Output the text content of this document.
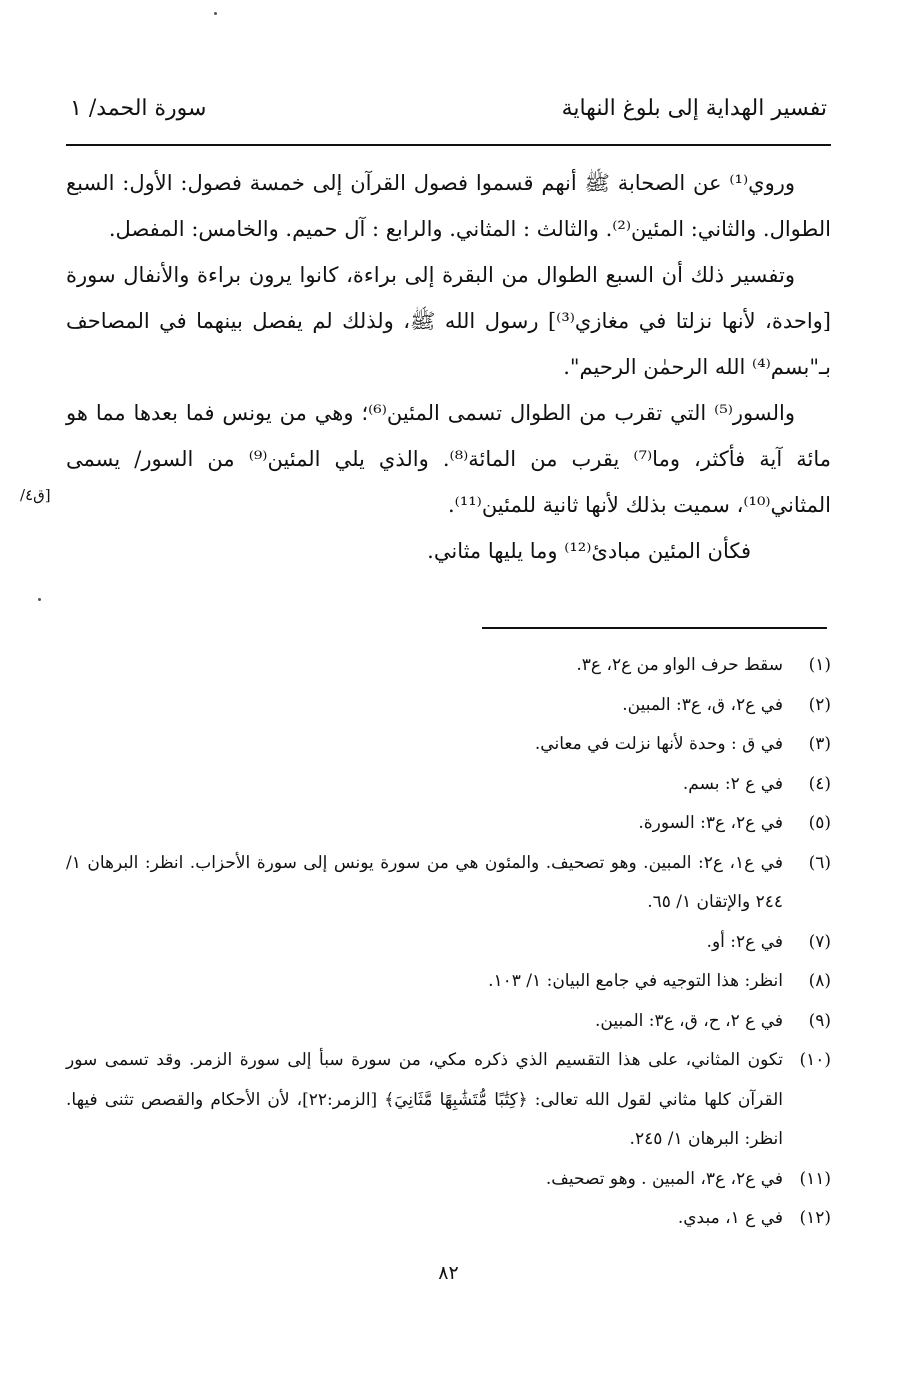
تفسير الهداية إلى بلوغ النهاية
سورة الحمد/ ١

وروي⁽¹⁾ عن الصحابة ﷺ أنهم قسموا فصول القرآن إلى خمسة فصول: الأول: السبع الطوال. والثاني: المئين⁽²⁾. والثالث : المثاني. والرابع : آل حميم. والخامس: المفصل.

وتفسير ذلك أن السبع الطوال من البقرة إلى براءة، كانوا يرون براءة والأنفال سورة [واحدة، لأنها نزلتا في مغازي⁽³⁾] رسول الله ﷺ، ولذلك لم يفصل بينهما في المصاحف بـ"بسم⁽⁴⁾ الله الرحمٰن الرحيم".

والسور⁽⁵⁾ التي تقرب من الطوال تسمى المئين⁽⁶⁾؛ وهي من يونس فما بعدها مما هو مائة آية فأكثر، وما⁽⁷⁾ يقرب من المائة⁽⁸⁾. والذي يلي المئين⁽⁹⁾ من السور/ يسمى المثاني⁽¹⁰⁾، سميت بذلك لأنها ثانية للمئين⁽¹¹⁾.

فكأن المئين مبادئ⁽¹²⁾ وما يليها مثاني.

[ق٤/
(١)
سقط حرف الواو من ع٢، ع٣.
(٢)
في ع٢، ق، ع٣: المبين.
(٣)
في ق : وحدة لأنها نزلت في معاني.
(٤)
في ع ٢: بسم.
(٥)
في ع٢، ع٣: السورة.
(٦)
في ع١، ع٢: المبين. وهو تصحيف. والمئون هي من سورة يونس إلى سورة الأحزاب. انظر: البرهان ١/ ٢٤٤ والإتقان ١/ ٦٥.
(٧)
في ع٢: أو.
(٨)
انظر: هذا التوجيه في جامع البيان: ١/ ١٠٣.
(٩)
في ع ٢، ح، ق، ع٣: المبين.
(١٠)
تكون المثاني، على هذا التقسيم الذي ذكره مكي، من سورة سبأ إلى سورة الزمر. وقد تسمى سور القرآن كلها مثاني لقول الله تعالى: ﴿كِتَٰبًا مُّتَشَٰبِهًا مَّثَانِيَ﴾ [الزمر:٢٢]، لأن الأحكام والقصص تثنى فيها. انظر: البرهان ١/ ٢٤٥.
(١١)
في ع٢، ع٣، المبين . وهو تصحيف.
(١٢)
في ع ١، مبدي.
٨٢
